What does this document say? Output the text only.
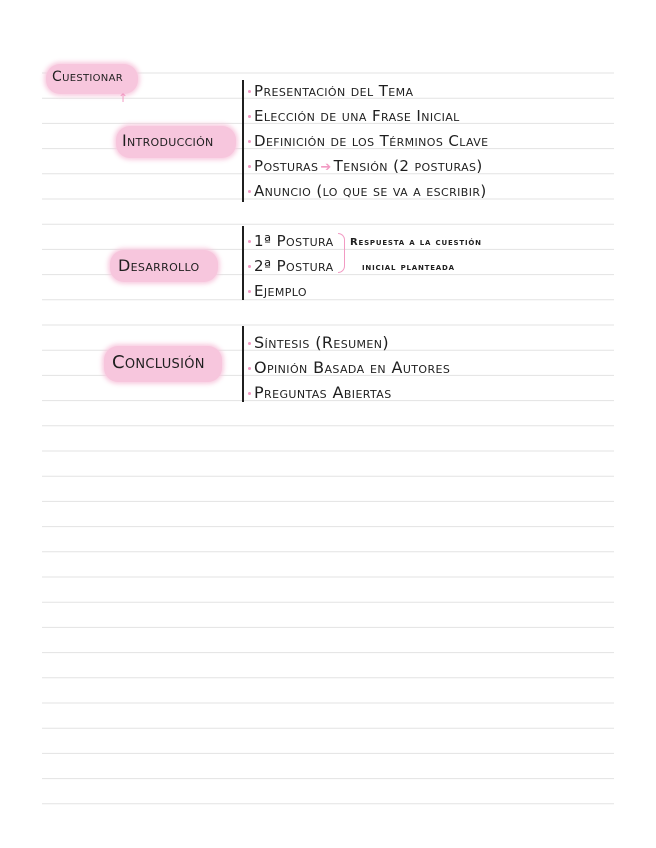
Cuestionar
↑
Introducción
Presentación del Tema
Elección de una Frase Inicial
Definición de los Términos Clave
Posturas ➔ Tensión (2 posturas)
Anuncio (lo que se va a escribir)
Desarrollo
1ª Postura
2ª Postura
Ejemplo
Respuesta a la cuestión
inicial planteada
Conclusión
Síntesis (Resumen)
Opinión Basada en Autores
Preguntas Abiertas
